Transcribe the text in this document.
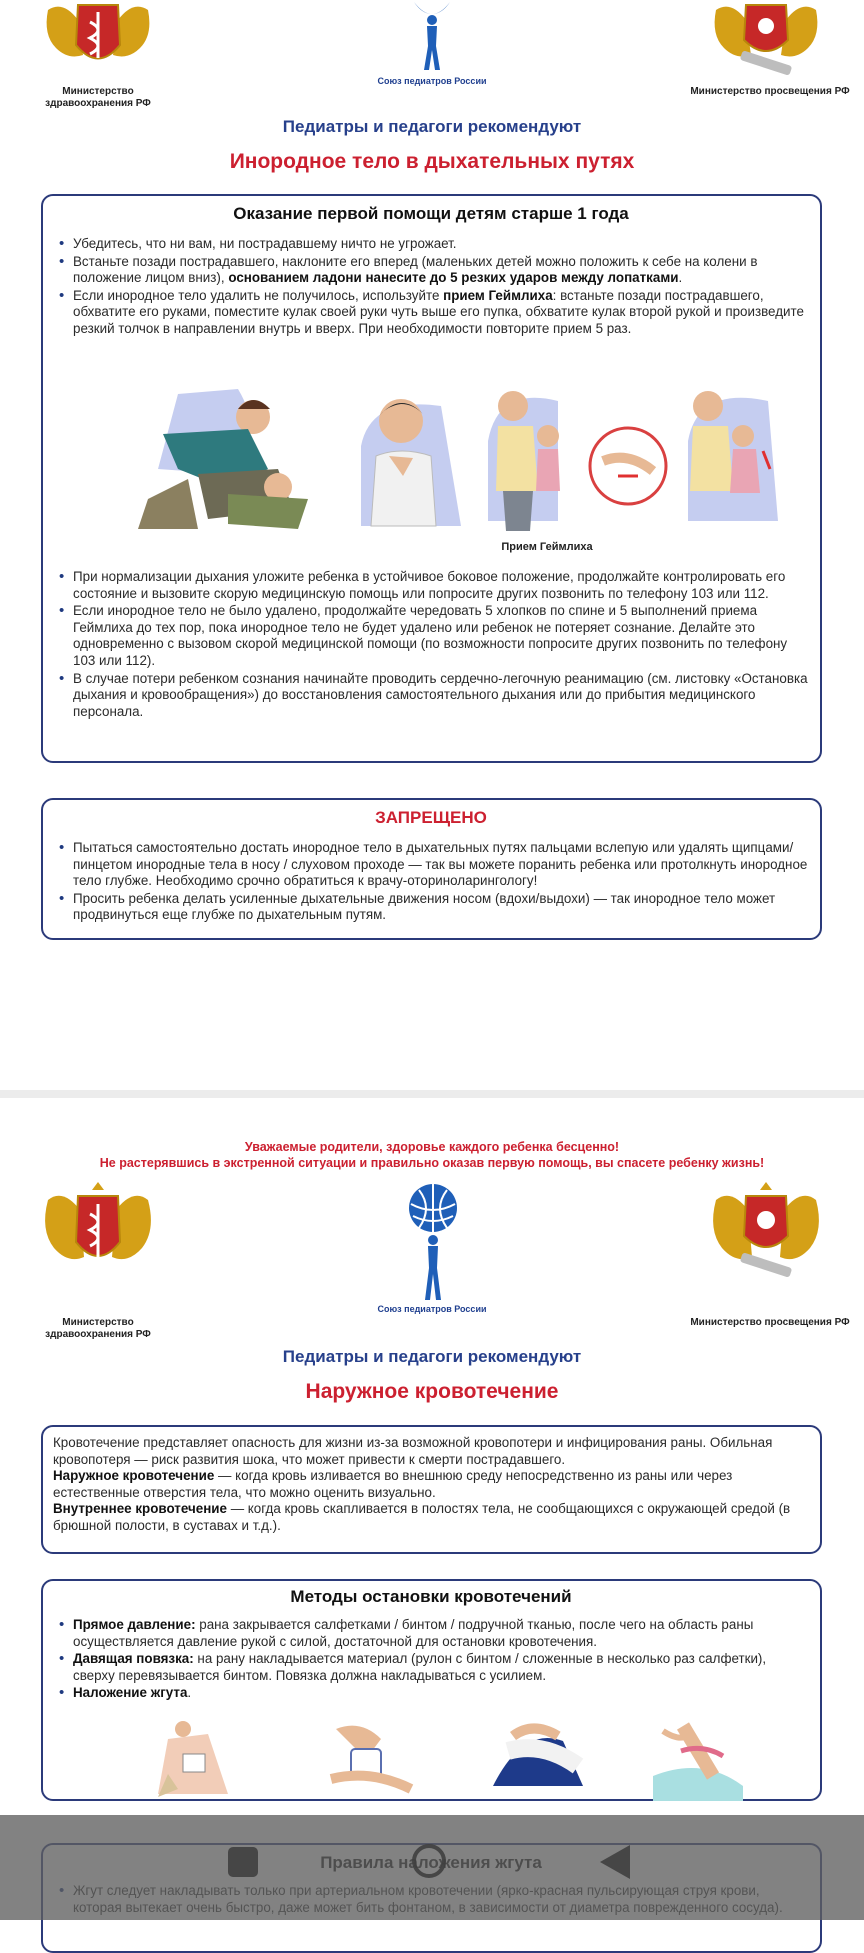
Министерство здравоохранения РФ
Союз педиатров России
Министерство просвещения РФ
Педиатры и педагоги рекомендуют
Инородное тело в дыхательных путях
Оказание первой помощи детям старше 1 года
• Убедитесь, что ни вам, ни пострадавшему ничто не угрожает.
• Встаньте позади пострадавшего, наклоните его вперед (маленьких детей можно положить к себе на колени в положение лицом вниз), основанием ладони нанесите до 5 резких ударов между лопатками.
• Если инородное тело удалить не получилось, используйте прием Геймлиха: встаньте позади пострадавшего, обхватите его руками, поместите кулак своей руки чуть выше его пупка, обхватите кулак второй рукой и произведите резкий толчок в направлении внутрь и вверх. При необходимости повторите прием 5 раз.
Прием Геймлиха
• При нормализации дыхания уложите ребенка в устойчивое боковое положение, продолжайте контролировать его состояние и вызовите скорую медицинскую помощь или попросите других позвонить по телефону 103 или 112.
• Если инородное тело не было удалено, продолжайте чередовать 5 хлопков по спине и 5 выполнений приема Геймлиха до тех пор, пока инородное тело не будет удалено или ребенок не потеряет сознание. Делайте это одновременно с вызовом скорой медицинской помощи (по возможности попросите других позвонить по телефону 103 или 112).
• В случае потери ребенком сознания начинайте проводить сердечно-легочную реанимацию (см. листовку «Остановка дыхания и кровообращения») до восстановления самостоятельного дыхания или до прибытия медицинского персонала.
ЗАПРЕЩЕНО
• Пытаться самостоятельно достать инородное тело в дыхательных путях пальцами вслепую или удалять щипцами/пинцетом инородные тела в носу / слуховом проходе — так вы можете поранить ребенка или протолкнуть инородное тело глубже. Необходимо срочно обратиться к врачу-оториноларингологу!
• Просить ребенка делать усиленные дыхательные движения носом (вдохи/выдохи) — так инородное тело может продвинуться еще глубже по дыхательным путям.
Уважаемые родители, здоровье каждого ребенка бесценно!
Не растерявшись в экстренной ситуации и правильно оказав первую помощь, вы спасете ребенку жизнь!
Министерство здравоохранения РФ
Союз педиатров России
Министерство просвещения РФ
Педиатры и педагоги рекомендуют
Наружное кровотечение

Кровотечение представляет опасность для жизни из-за возможной кровопотери и инфицирования раны. Обильная кровопотеря — риск развития шока, что может привести к смерти пострадавшего.

Наружное кровотечение — когда кровь изливается во внешнюю среду непосредственно из раны или через естественные отверстия тела, что можно оценить визуально.

Внутреннее кровотечение — когда кровь скапливается в полостях тела, не сообщающихся с окружающей средой (в брюшной полости, в суставах и т.д.).

Методы остановки кровотечений
• Прямое давление: рана закрывается салфетками / бинтом / подручной тканью, после чего на область раны осуществляется давление рукой с силой, достаточной для остановки кровотечения.
• Давящая повязка: на рану накладывается материал (рулон с бинтом / сложенные в несколько раз салфетки), сверху перевязывается бинтом. Повязка должна накладываться с усилием.
• Наложение жгута.
•
